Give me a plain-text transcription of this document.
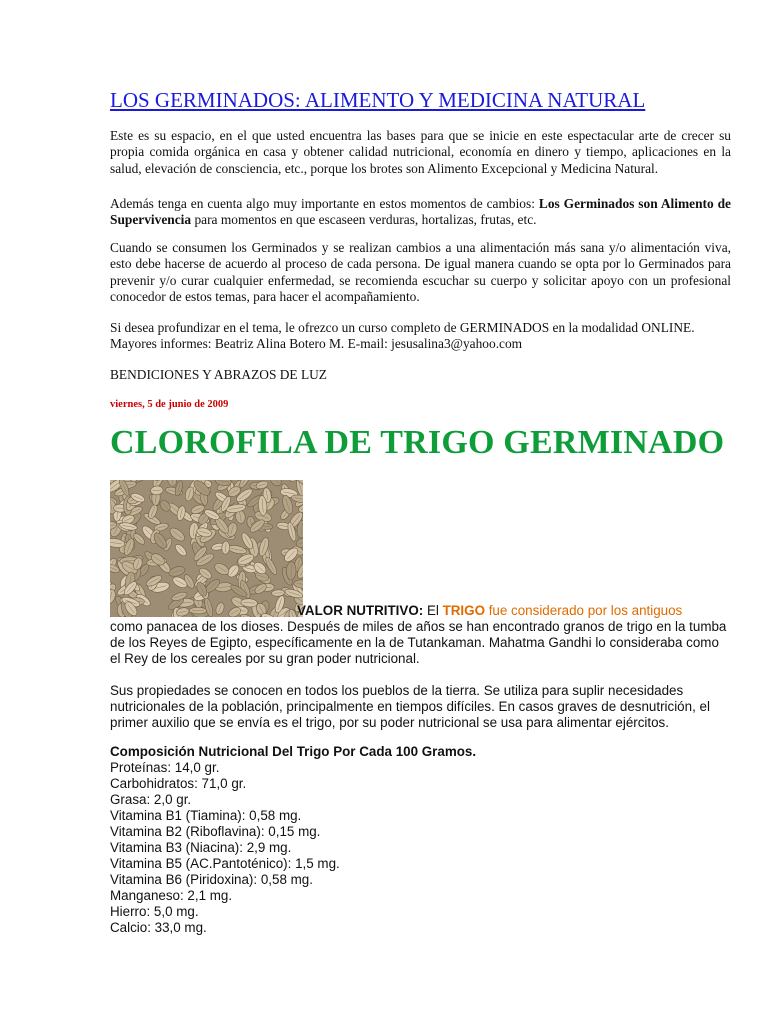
LOS GERMINADOS: ALIMENTO Y MEDICINA NATURAL

Este es su espacio, en el que usted encuentra las bases para que se inicie en este espectacular arte de crecer su propia comida orgánica en casa y obtener calidad nutricional, economía en dinero y tiempo, aplicaciones en la salud, elevación de consciencia, etc., porque los brotes son Alimento Excepcional y Medicina Natural.

Además tenga en cuenta algo muy importante en estos momentos de cambios: Los Germinados son Alimento de Supervivencia para momentos en que escaseen verduras, hortalizas, frutas, etc.

Cuando se consumen los Germinados y se realizan cambios a una alimentación más sana y/o alimentación viva, esto debe hacerse de acuerdo al proceso de cada persona. De igual manera cuando se opta por lo Germinados para prevenir y/o curar cualquier enfermedad, se recomienda escuchar su cuerpo y solicitar apoyo con un profesional conocedor de estos temas, para hacer el acompañamiento.

Si desea profundizar en el tema, le ofrezco un curso completo de GERMINADOS en la modalidad ONLINE.
Mayores informes: Beatriz Alina Botero M. E-mail: jesusalina3@yahoo.com

BENDICIONES Y ABRAZOS DE LUZ

viernes, 5 de junio de 2009
CLOROFILA DE TRIGO GERMINADO
VALOR NUTRITIVO: El TRIGO fue considerado por los antiguos
como panacea de los dioses. Después de miles de años se han encontrado granos de trigo en la tumba de los Reyes de Egipto, específicamente en la de Tutankaman. Mahatma Gandhi lo consideraba como el Rey de los cereales por su gran poder nutricional.
Sus propiedades se conocen en todos los pueblos de la tierra. Se utiliza para suplir necesidades nutricionales de la población, principalmente en tiempos difíciles. En casos graves de desnutrición, el primer auxilio que se envía es el trigo, por su poder nutricional se usa para alimentar ejércitos.
Composición Nutricional Del Trigo Por Cada 100 Gramos.
Proteínas: 14,0 gr.
Carbohidratos: 71,0 gr.
Grasa: 2,0 gr.
Vitamina B1 (Tiamina): 0,58 mg.
Vitamina B2 (Riboflavina): 0,15 mg.
Vitamina B3 (Niacina): 2,9 mg.
Vitamina B5 (AC.Pantoténico): 1,5 mg.
Vitamina B6 (Piridoxina): 0,58 mg.
Manganeso: 2,1 mg.
Hierro: 5,0 mg.
Calcio: 33,0 mg.
